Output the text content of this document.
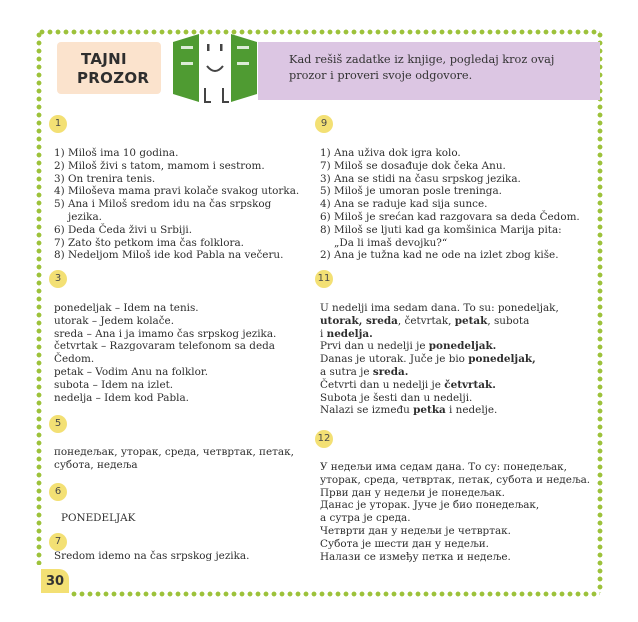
TAJNI
PROZOR

Kad rešiš zadatke iz knjige, pogledaj kroz ovaj
prozor i proveri svoje odgovore.

1
1) Miloš ima 10 godina.
2) Miloš živi s tatom, mamom i sestrom.
3) On trenira tenis.
4) Miloševa mama pravi kolače svakog utorka.
5) Ana i Miloš sredom idu na čas srpskog
jezika.
6) Deda Čeda živi u Srbiji.
7) Zato što petkom ima čas folklora.
8) Nedeljom Miloš ide kod Pabla na večeru.
3
ponedeljak – Idem na tenis.
utorak – Jedem kolače.
sreda – Ana i ja imamo čas srpskog jezika.
četvrtak – Razgovaram telefonom sa deda
Čedom.
petak – Vodim Anu na folklor.
subota – Idem na izlet.
nedelja – Idem kod Pabla.
5
понедељак, уторак, среда, четвртак, петак,
субота, недеља
6
PONEDELJAK
7
Sredom idemo na čas srpskog jezika.
9
1) Ana uživa dok igra kolo.
7) Miloš se dosađuje dok čeka Anu.
3) Ana se stidi na času srpskog jezika.
5) Miloš je umoran posle treninga.
4) Ana se raduje kad sija sunce.
6) Miloš je srećan kad razgovara sa deda Čedom.
8) Miloš se ljuti kad ga komšinica Marija pita:
„Da li imaš devojku?“
2) Ana je tužna kad ne ode na izlet zbog kiše.
11
U nedelji ima sedam dana. To su: ponedeljak,
utorak, sreda, četvrtak, petak, subota
i nedelja.
Prvi dan u nedelji je ponedeljak.
Danas je utorak. Juče je bio ponedeljak,
a sutra je sreda.
Četvrti dan u nedelji je četvrtak.
Subota je šesti dan u nedelji.
Nalazi se između petka i nedelje.
12
У недељи има седам дана. То су: понедељак,
уторак, среда, четвртак, петак, субота и недеља.
Први дан у недељи је понедељак.
Данас је уторак. Јуче је био понедељак,
а сутра је среда.
Четврти дан у недељи је четвртак.
Субота је шести дан у недељи.
Налази се између петка и недеље.
30
